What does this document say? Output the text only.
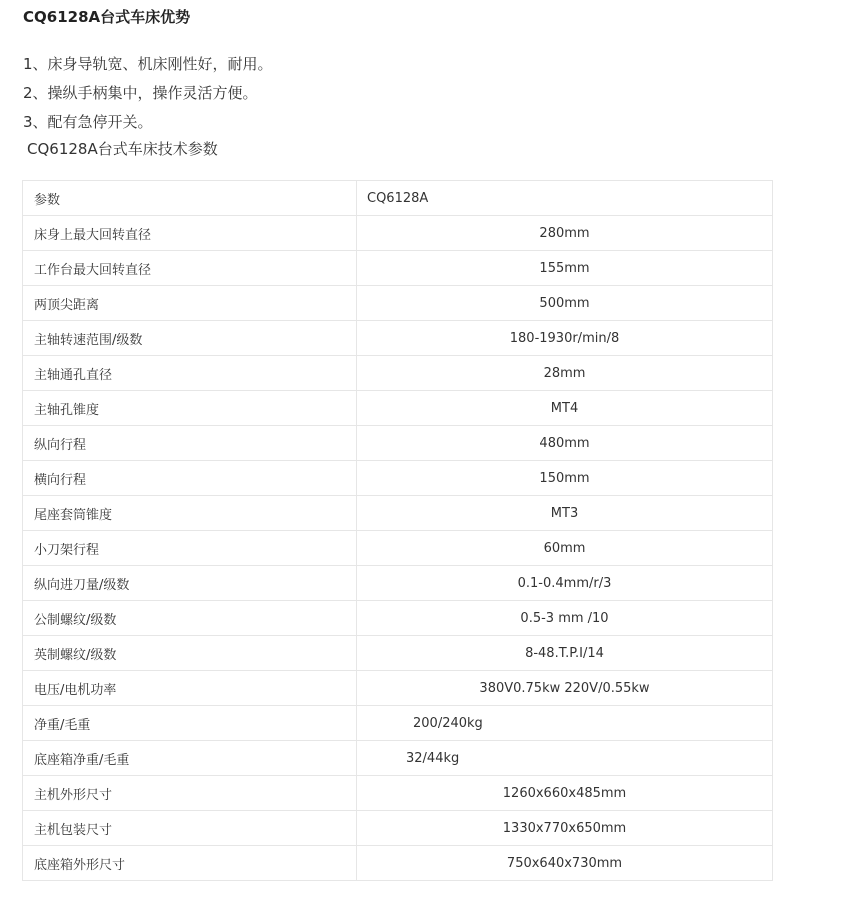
CQ6128A台式车床优势
1、床身导轨宽、机床刚性好，耐用。
2、操纵手柄集中，操作灵活方便。
3、配有急停开关。

CQ6128A台式车床技术参数

参数	CQ6128A
床身上最大回转直径	280mm
工作台最大回转直径	155mm
两顶尖距离	500mm
主轴转速范围/级数	180-1930r/min/8
主轴通孔直径	28mm
主轴孔锥度	MT4
纵向行程	480mm
横向行程	150mm
尾座套筒锥度	MT3
小刀架行程	60mm
纵向进刀量/级数	0.1-0.4mm/r/3
公制螺纹/级数	0.5-3 mm /10
英制螺纹/级数	8-48.T.P.I/14
电压/电机功率	380V0.75kw 220V/0.55kw
净重/毛重	200/240kg
底座箱净重/毛重	32/44kg
主机外形尺寸	1260x660x485mm
主机包装尺寸	1330x770x650mm
底座箱外形尺寸	750x640x730mm
